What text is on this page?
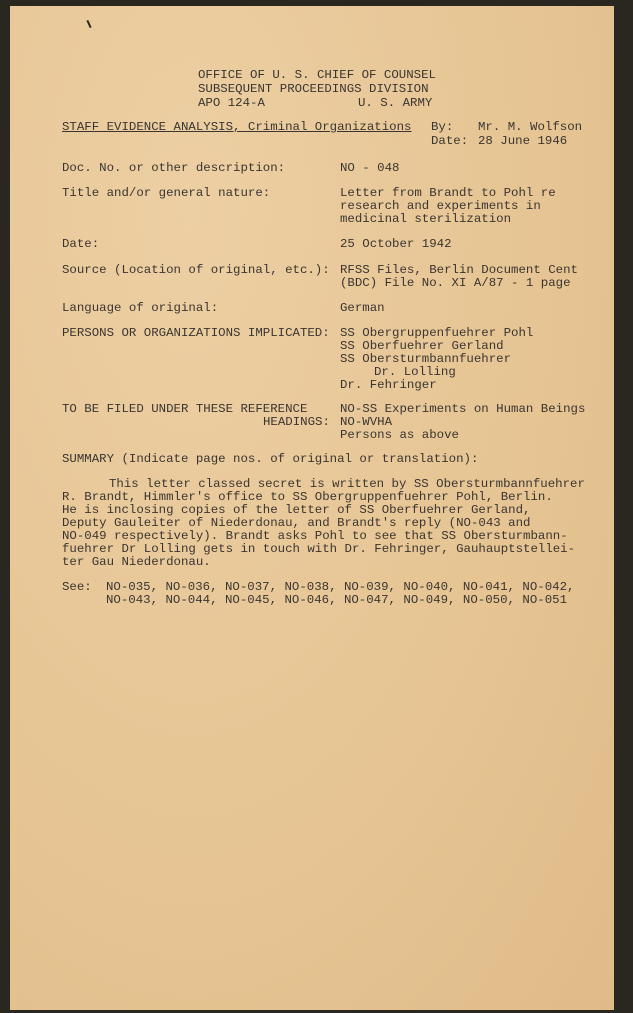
OFFICE OF U. S. CHIEF OF COUNSEL
SUBSEQUENT PROCEEDINGS DIVISION
APO 124-A	U. S. ARMY
STAFF EVIDENCE ANALYSIS, Criminal Organizations By: Mr. M. Wolfson
Date: 28 June 1946
Doc. No. or other description:	NO - 048
Title and/or general nature:	Letter from Brandt to Pohl re
research and experiments in
medicinal sterilization
Date:	25 October 1942
Source (Location of original, etc.): RFSS Files, Berlin Document Cent
(BDC) File No. XI A/87 - 1 page
Language of original:	German
PERSONS OR ORGANIZATIONS IMPLICATED: SS Obergruppenfuehrer Pohl
SS Oberfuehrer Gerland
SS Obersturmbannfuehrer
Dr. Lolling
Dr. Fehringer
TO BE FILED UNDER THESE REFERENCE
HEADINGS:
NO-SS Experiments on Human Beings
NO-WVHA
Persons as above
SUMMARY (Indicate page nos. of original or translation):
This letter classed secret is written by SS Obersturmbannfuehrer
R. Brandt, Himmler's office to SS Obergruppenfuehrer Pohl, Berlin.
He is inclosing copies of the letter of SS Oberfuehrer Gerland,
Deputy Gauleiter of Niederdonau, and Brandt's reply (NO-043 and
NO-049 respectively). Brandt asks Pohl to see that SS Obersturmbann-
fuehrer Dr Lolling gets in touch with Dr. Fehringer, Gauhauptstellei-
ter Gau Niederdonau.
See: NO-035, NO-036, NO-037, NO-038, NO-039, NO-040, NO-041, NO-042,
NO-043, NO-044, NO-045, NO-046, NO-047, NO-049, NO-050, NO-051
